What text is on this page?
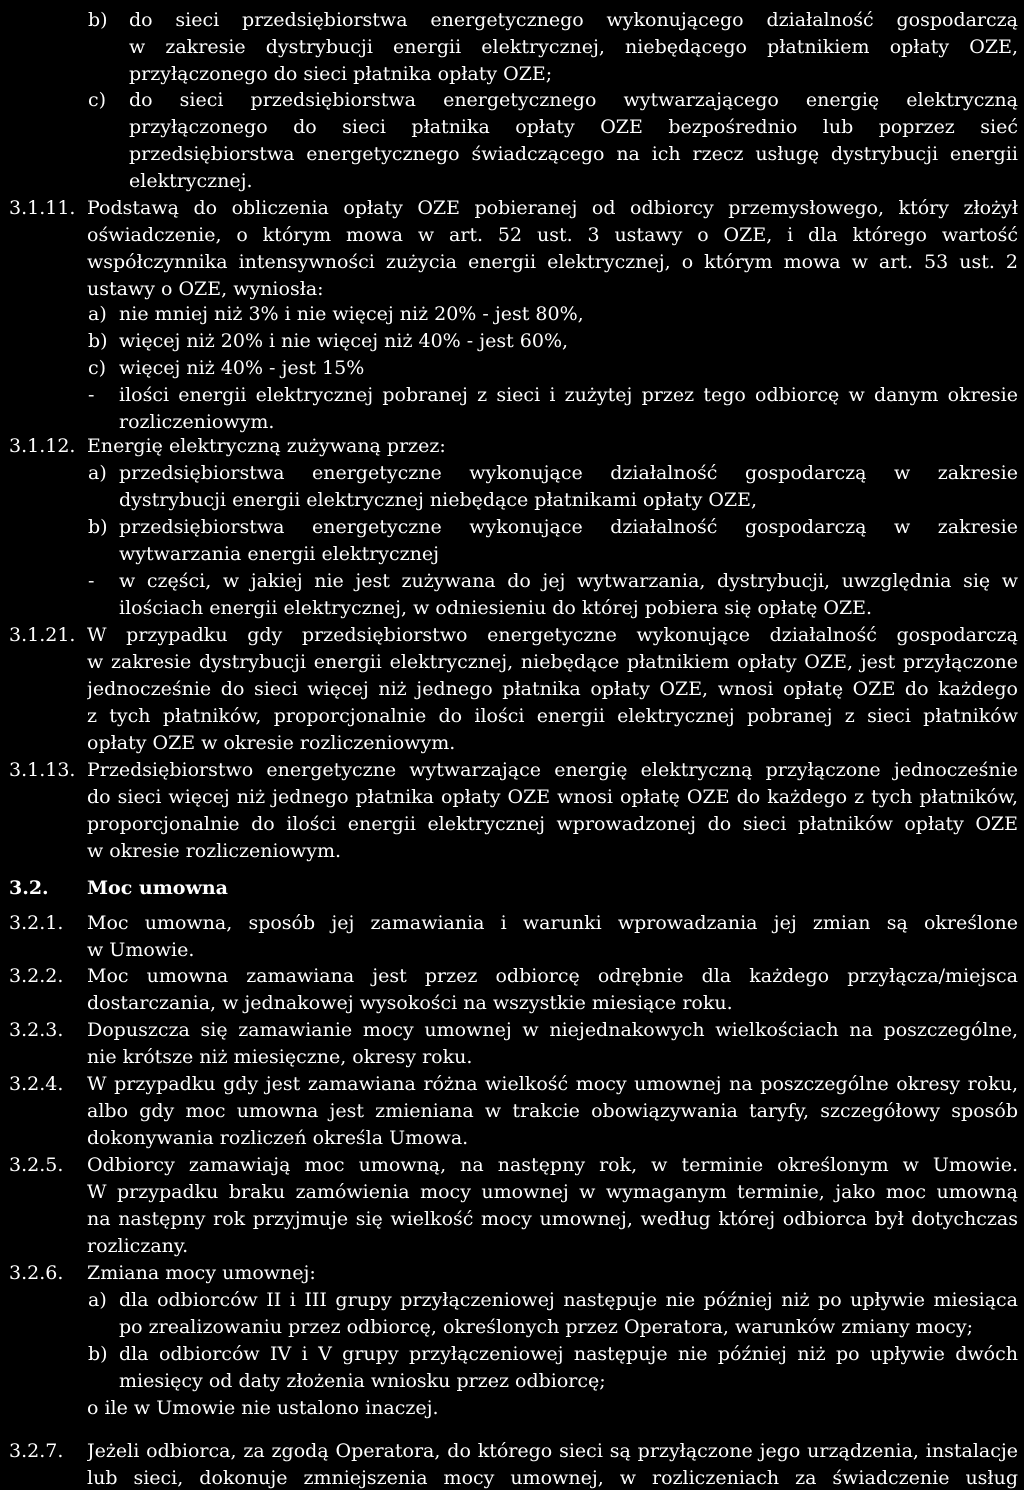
b) do sieci przedsiębiorstwa energetycznego wykonującego działalność gospodarczą
w zakresie dystrybucji energii elektrycznej, niebędącego płatnikiem opłaty OZE,
przyłączonego do sieci płatnika opłaty OZE;
c) do sieci przedsiębiorstwa energetycznego wytwarzającego energię elektryczną
przyłączonego do sieci płatnika opłaty OZE bezpośrednio lub poprzez sieć
przedsiębiorstwa energetycznego świadczącego na ich rzecz usługę dystrybucji energii
elektrycznej.
3.1.11. Podstawą do obliczenia opłaty OZE pobieranej od odbiorcy przemysłowego, który złożył
oświadczenie, o którym mowa w art. 52 ust. 3 ustawy o OZE, i dla którego wartość
współczynnika intensywności zużycia energii elektrycznej, o którym mowa w art. 53 ust. 2
ustawy o OZE, wyniosła:
a) nie mniej niż 3% i nie więcej niż 20% - jest 80%,
b) więcej niż 20% i nie więcej niż 40% - jest 60%,
c) więcej niż 40% - jest 15%
- ilości energii elektrycznej pobranej z sieci i zużytej przez tego odbiorcę w danym okresie
rozliczeniowym.
3.1.12. Energię elektryczną zużywaną przez:
a) przedsiębiorstwa energetyczne wykonujące działalność gospodarczą w zakresie
dystrybucji energii elektrycznej niebędące płatnikami opłaty OZE,
b) przedsiębiorstwa energetyczne wykonujące działalność gospodarczą w zakresie
wytwarzania energii elektrycznej
- w części, w jakiej nie jest zużywana do jej wytwarzania, dystrybucji, uwzględnia się w
ilościach energii elektrycznej, w odniesieniu do której pobiera się opłatę OZE.
3.1.21. W przypadku gdy przedsiębiorstwo energetyczne wykonujące działalność gospodarczą
w zakresie dystrybucji energii elektrycznej, niebędące płatnikiem opłaty OZE, jest przyłączone
jednocześnie do sieci więcej niż jednego płatnika opłaty OZE, wnosi opłatę OZE do każdego
z tych płatników, proporcjonalnie do ilości energii elektrycznej pobranej z sieci płatników
opłaty OZE w okresie rozliczeniowym.
3.1.13. Przedsiębiorstwo energetyczne wytwarzające energię elektryczną przyłączone jednocześnie
do sieci więcej niż jednego płatnika opłaty OZE wnosi opłatę OZE do każdego z tych płatników,
proporcjonalnie do ilości energii elektrycznej wprowadzonej do sieci płatników opłaty OZE
w okresie rozliczeniowym.
3.2. Moc umowna
3.2.1. Moc umowna, sposób jej zamawiania i warunki wprowadzania jej zmian są określone
w Umowie.
3.2.2. Moc umowna zamawiana jest przez odbiorcę odrębnie dla każdego przyłącza/miejsca
dostarczania, w jednakowej wysokości na wszystkie miesiące roku.
3.2.3. Dopuszcza się zamawianie mocy umownej w niejednakowych wielkościach na poszczególne,
nie krótsze niż miesięczne, okresy roku.
3.2.4. W przypadku gdy jest zamawiana różna wielkość mocy umownej na poszczególne okresy roku,
albo gdy moc umowna jest zmieniana w trakcie obowiązywania taryfy, szczegółowy sposób
dokonywania rozliczeń określa Umowa.
3.2.5. Odbiorcy zamawiają moc umowną, na następny rok, w terminie określonym w Umowie.
W przypadku braku zamówienia mocy umownej w wymaganym terminie, jako moc umowną
na następny rok przyjmuje się wielkość mocy umownej, według której odbiorca był dotychczas
rozliczany.
3.2.6. Zmiana mocy umownej:
a) dla odbiorców II i III grupy przyłączeniowej następuje nie później niż po upływie miesiąca
po zrealizowaniu przez odbiorcę, określonych przez Operatora, warunków zmiany mocy;
b) dla odbiorców IV i V grupy przyłączeniowej następuje nie później niż po upływie dwóch
miesięcy od daty złożenia wniosku przez odbiorcę;
o ile w Umowie nie ustalono inaczej.
3.2.7. Jeżeli odbiorca, za zgodą Operatora, do którego sieci są przyłączone jego urządzenia, instalacje
lub sieci, dokonuje zmniejszenia mocy umownej, w rozliczeniach za świadczenie usług
